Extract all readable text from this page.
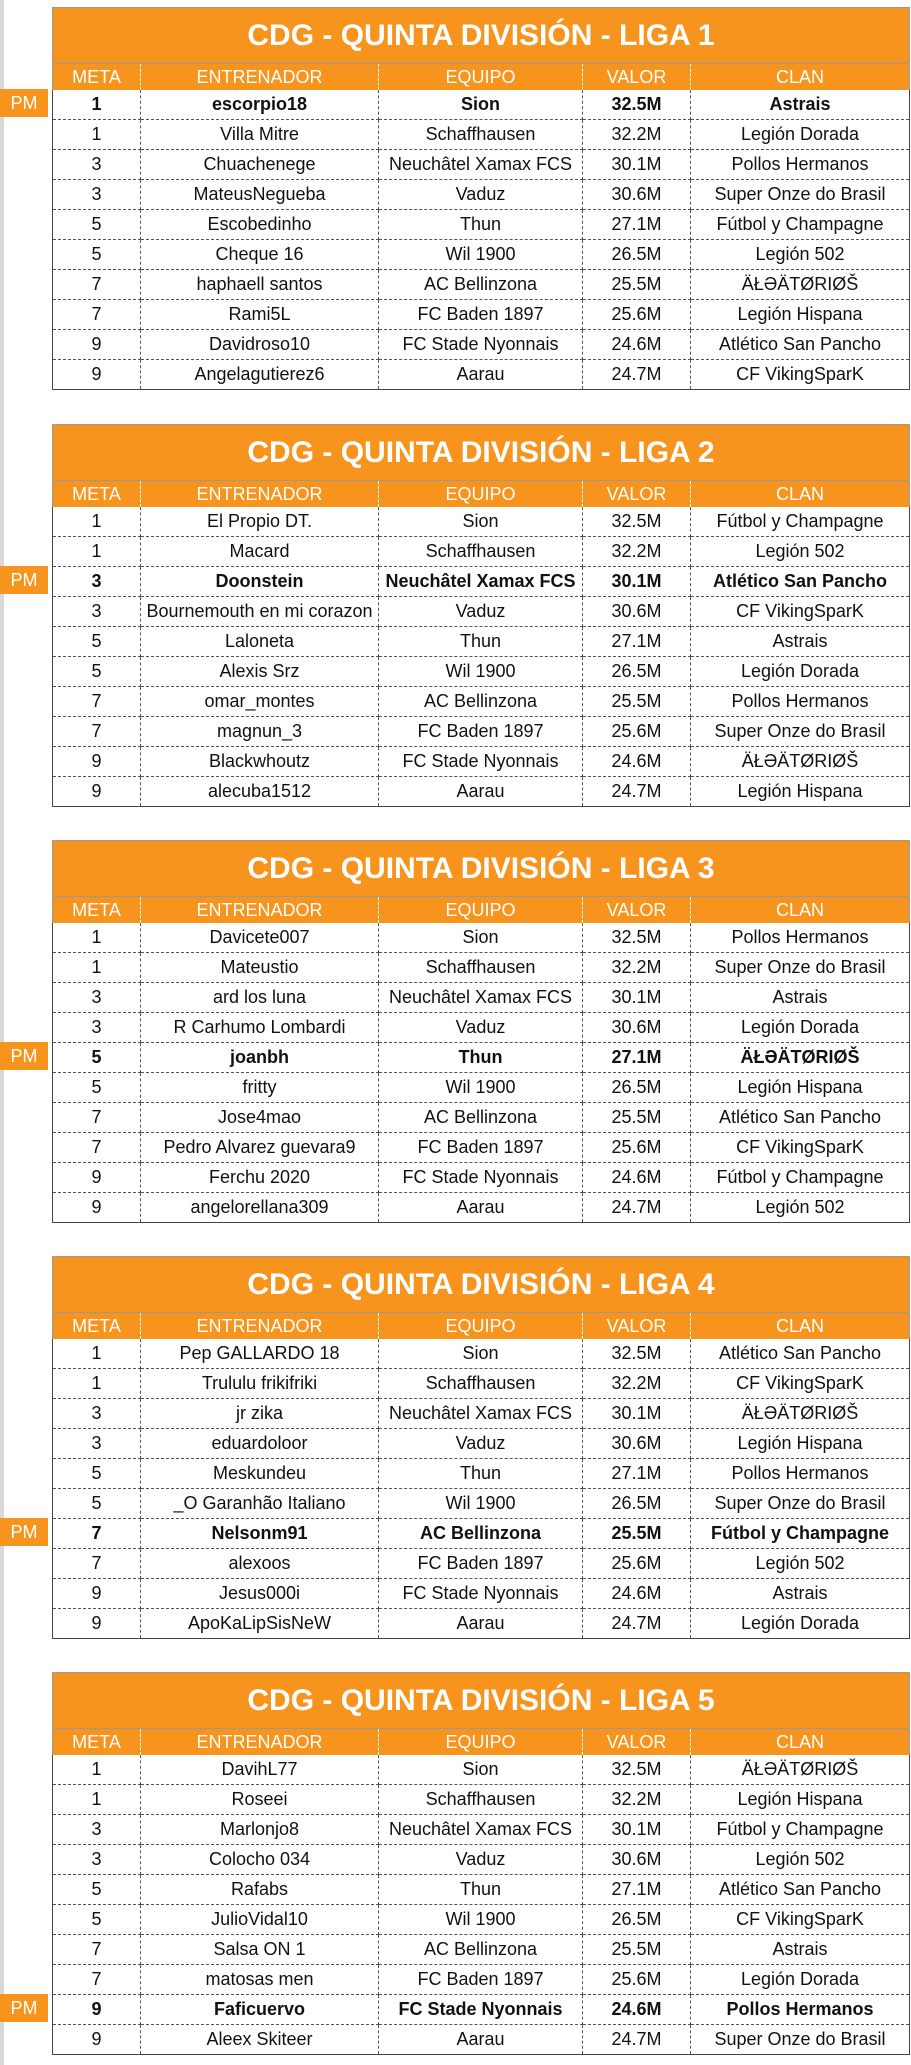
CDG - QUINTA DIVISIÓN - LIGA 1				
META	ENTRENADOR	EQUIPO	VALOR	CLAN
1	escorpio18	Sion	32.5M	Astrais
1	Villa Mitre	Schaffhausen	32.2M	Legión Dorada
3	Chuachenege	Neuchâtel Xamax FCS	30.1M	Pollos Hermanos
3	MateusNegueba	Vaduz	30.6M	Super Onze do Brasil
5	Escobedinho	Thun	27.1M	Fútbol y Champagne
5	Cheque 16	Wil 1900	26.5M	Legión 502
7	haphaell santos	AC Bellinzona	25.5M	ÄŁƏÄTØRIØŠ
7	Rami5L	FC Baden 1897	25.6M	Legión Hispana
9	Davidroso10	FC Stade Nyonnais	24.6M	Atlético San Pancho
9	Angelagutierez6	Aarau	24.7M	CF VikingSparK
PM
CDG - QUINTA DIVISIÓN - LIGA 2				
META	ENTRENADOR	EQUIPO	VALOR	CLAN
1	El Propio DT.	Sion	32.5M	Fútbol y Champagne
1	Macard	Schaffhausen	32.2M	Legión 502
3	Doonstein	Neuchâtel Xamax FCS	30.1M	Atlético San Pancho
3	Bournemouth en mi corazon	Vaduz	30.6M	CF VikingSparK
5	Laloneta	Thun	27.1M	Astrais
5	Alexis Srz	Wil 1900	26.5M	Legión Dorada
7	omar_montes	AC Bellinzona	25.5M	Pollos Hermanos
7	magnun_3	FC Baden 1897	25.6M	Super Onze do Brasil
9	Blackwhoutz	FC Stade Nyonnais	24.6M	ÄŁƏÄTØRIØŠ
9	alecuba1512	Aarau	24.7M	Legión Hispana
PM
CDG - QUINTA DIVISIÓN - LIGA 3				
META	ENTRENADOR	EQUIPO	VALOR	CLAN
1	Davicete007	Sion	32.5M	Pollos Hermanos
1	Mateustio	Schaffhausen	32.2M	Super Onze do Brasil
3	ard los luna	Neuchâtel Xamax FCS	30.1M	Astrais
3	R Carhumo Lombardi	Vaduz	30.6M	Legión Dorada
5	joanbh	Thun	27.1M	ÄŁƏÄTØRIØŠ
5	fritty	Wil 1900	26.5M	Legión Hispana
7	Jose4mao	AC Bellinzona	25.5M	Atlético San Pancho
7	Pedro Alvarez guevara9	FC Baden 1897	25.6M	CF VikingSparK
9	Ferchu 2020	FC Stade Nyonnais	24.6M	Fútbol y Champagne
9	angelorellana309	Aarau	24.7M	Legión 502
PM
CDG - QUINTA DIVISIÓN - LIGA 4				
META	ENTRENADOR	EQUIPO	VALOR	CLAN
1	Pep GALLARDO 18	Sion	32.5M	Atlético San Pancho
1	Trululu frikifriki	Schaffhausen	32.2M	CF VikingSparK
3	jr zika	Neuchâtel Xamax FCS	30.1M	ÄŁƏÄTØRIØŠ
3	eduardoloor	Vaduz	30.6M	Legión Hispana
5	Meskundeu	Thun	27.1M	Pollos Hermanos
5	_O Garanhão Italiano	Wil 1900	26.5M	Super Onze do Brasil
7	Nelsonm91	AC Bellinzona	25.5M	Fútbol y Champagne
7	alexoos	FC Baden 1897	25.6M	Legión 502
9	Jesus000i	FC Stade Nyonnais	24.6M	Astrais
9	ApoKaLipSisNeW	Aarau	24.7M	Legión Dorada
PM
CDG - QUINTA DIVISIÓN - LIGA 5				
META	ENTRENADOR	EQUIPO	VALOR	CLAN
1	DavihL77	Sion	32.5M	ÄŁƏÄTØRIØŠ
1	Roseei	Schaffhausen	32.2M	Legión Hispana
3	Marlonjo8	Neuchâtel Xamax FCS	30.1M	Fútbol y Champagne
3	Colocho 034	Vaduz	30.6M	Legión 502
5	Rafabs	Thun	27.1M	Atlético San Pancho
5	JulioVidal10	Wil 1900	26.5M	CF VikingSparK
7	Salsa ON 1	AC Bellinzona	25.5M	Astrais
7	matosas men	FC Baden 1897	25.6M	Legión Dorada
9	Faficuervo	FC Stade Nyonnais	24.6M	Pollos Hermanos
9	Aleex Skiteer	Aarau	24.7M	Super Onze do Brasil
PM
